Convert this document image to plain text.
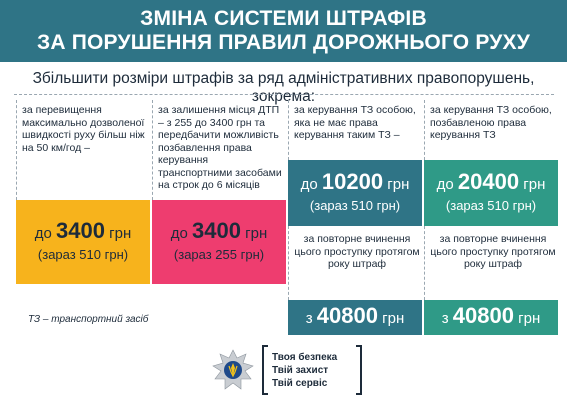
ЗМІНА СИСТЕМИ ШТРАФІВ
ЗА ПОРУШЕННЯ ПРАВИЛ ДОРОЖНЬОГО РУХУ
Збільшити розміри штрафів за ряд адміністративних правопорушень, зокрема:
за перевищення максимально дозволеної швидкості руху більш ніж на 50 км/год –
до 3400 грн
(зараз 510 грн)
за залишення місця ДТП – з 255 до 3400 грн та передбачити можливість позбавлення права керування транспортними засобами на строк до 6 місяців
до 3400 грн
(зараз 255 грн)
за керування ТЗ особою, яка не має права керування таким ТЗ –
до 10200 грн
(зараз 510 грн)
за повторне вчинення цього проступку протягом року штраф
з 40800 грн
за керування ТЗ особою, позбавленою права керування ТЗ
до 20400 грн
(зараз 510 грн)
за повторне вчинення цього проступку протягом року штраф
з 40800 грн
ТЗ – транспортний засіб
Твоя безпека
Твій захист
Твій сервіс
